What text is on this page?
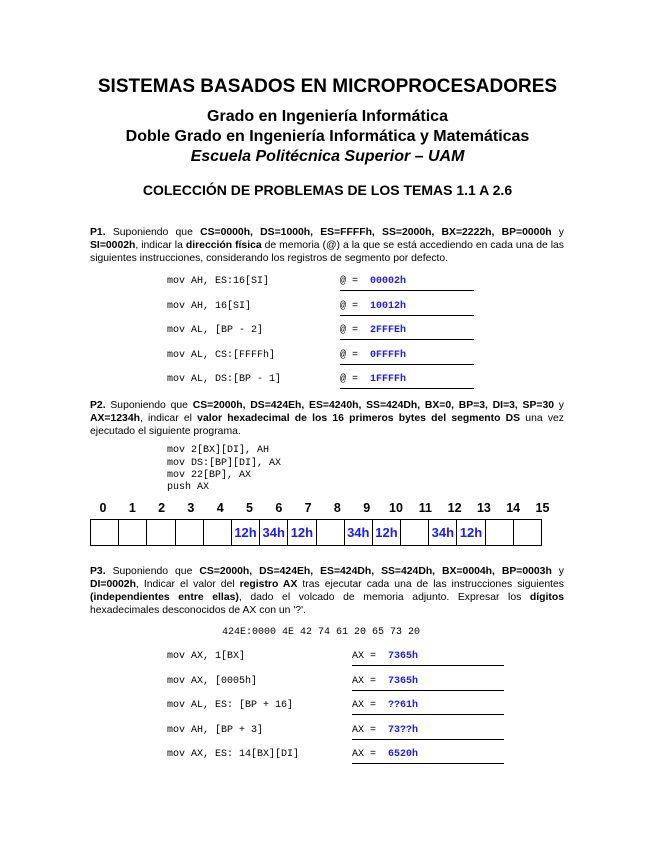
SISTEMAS BASADOS EN MICROPROCESADORES
Grado en Ingeniería Informática
Doble Grado en Ingeniería Informática y Matemáticas
Escuela Politécnica Superior – UAM
COLECCIÓN DE PROBLEMAS DE LOS TEMAS 1.1 A 2.6
P1. Suponiendo que CS=0000h, DS=1000h, ES=FFFFh, SS=2000h, BX=2222h, BP=0000h y SI=0002h, indicar la dirección física de memoria (@) a la que se está accediendo en cada una de las siguientes instrucciones, considerando los registros de segmento por defecto.
mov AH, ES:16[SI]	@ = 00002h
mov AH, 16[SI]	@ = 10012h
mov AL, [BP - 2]	@ = 2FFFEh
mov AL, CS:[FFFFh]	@ = 0FFFFh
mov AL, DS:[BP - 1]	@ = 1FFFFh
P2. Suponiendo que CS=2000h, DS=424Eh, ES=4240h, SS=424Dh, BX=0, BP=3, DI=3, SP=30 y AX=1234h, indicar el valor hexadecimal de los 16 primeros bytes del segmento DS una vez ejecutado el siguiente programa.
mov 2[BX][DI], AH
mov DS:[BP][DI], AX
mov 22[BP], AX
push AX
0	1	2	3	4	5	6	7	8	9	10	11	12	13	14	15
					12h	34h	12h		34h	12h		34h	12h		
P3. Suponiendo que CS=2000h, DS=424Eh, ES=424Dh, SS=424Dh, BX=0004h, BP=0003h y DI=0002h, Indicar el valor del registro AX tras ejecutar cada una de las instrucciones siguientes (independientes entre ellas), dado el volcado de memoria adjunto. Expresar los dígitos hexadecimales desconocidos de AX con un '?'.
424E:0000 4E 42 74 61 20 65 73 20
mov AX, 1[BX]	AX = 7365h
mov AX, [0005h]	AX = 7365h
mov AL, ES: [BP + 16]	AX = ??61h
mov AH, [BP + 3]	AX = 73??h
mov AX, ES: 14[BX][DI]	AX = 6520h
